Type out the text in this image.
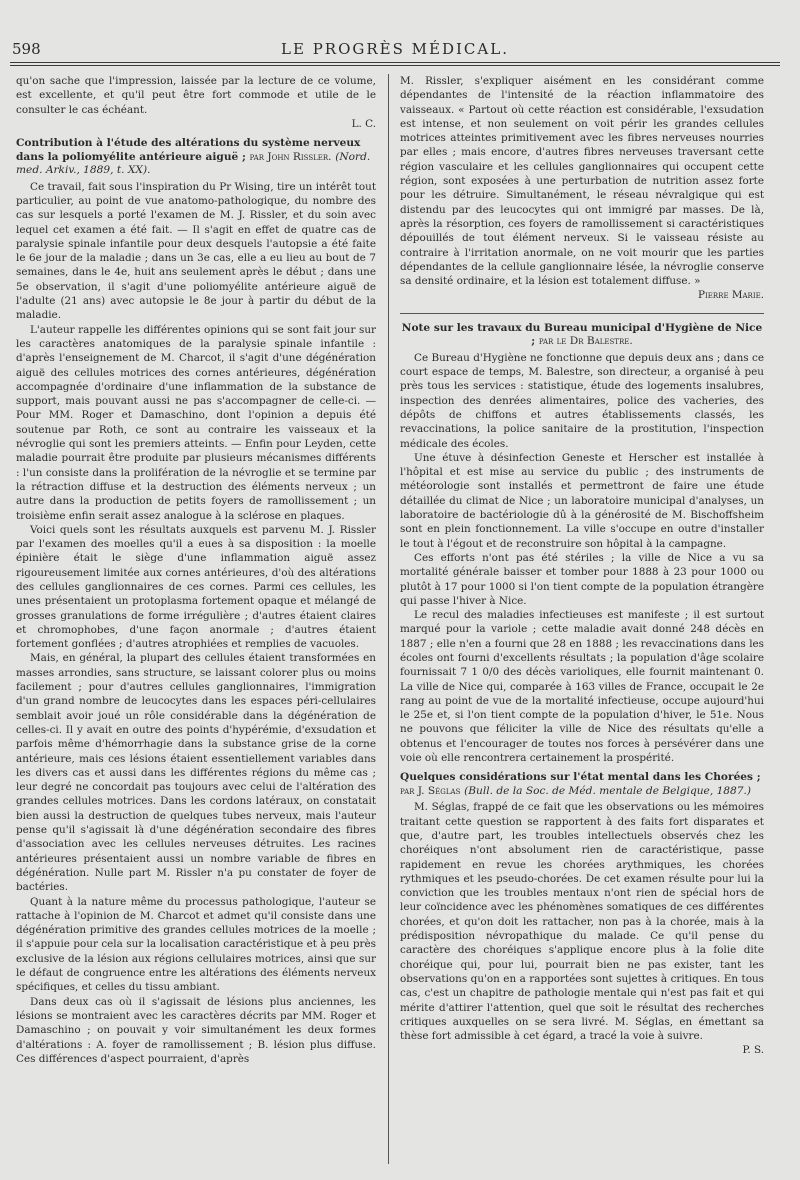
598	LE PROGRÈS MÉDICAL.

qu'on sache que l'impression, laissée par la lecture de ce volume, est excellente, et qu'il peut être fort commode et utile de le consulter le cas échéant.

L. C.

Contribution à l'étude des altérations du système nerveux dans la poliomyélite antérieure aiguë ; par John Rissler. (Nord. med. Arkiv., 1889, t. XX).

Ce travail, fait sous l'inspiration du Pr Wising, tire un intérêt tout particulier, au point de vue anatomo-pathologique, du nombre des cas sur lesquels a porté l'examen de M. J. Rissler, et du soin avec lequel cet examen a été fait. — Il s'agit en effet de quatre cas de paralysie spinale infantile pour deux desquels l'autopsie a été faite le 6e jour de la maladie ; dans un 3e cas, elle a eu lieu au bout de 7 semaines, dans le 4e, huit ans seulement après le début ; dans une 5e observation, il s'agit d'une poliomyélite antérieure aiguë de l'adulte (21 ans) avec autopsie le 8e jour à partir du début de la maladie.

L'auteur rappelle les différentes opinions qui se sont fait jour sur les caractères anatomiques de la paralysie spinale infantile : d'après l'enseignement de M. Charcot, il s'agit d'une dégénération aiguë des cellules motrices des cornes antérieures, dégénération accompagnée d'ordinaire d'une inflammation de la substance de support, mais pouvant aussi ne pas s'accompagner de celle-ci. — Pour MM. Roger et Damaschino, dont l'opinion a depuis été soutenue par Roth, ce sont au contraire les vaisseaux et la névroglie qui sont les premiers atteints. — Enfin pour Leyden, cette maladie pourrait être produite par plusieurs mécanismes différents : l'un consiste dans la prolifération de la névroglie et se termine par la rétraction diffuse et la destruction des éléments nerveux ; un autre dans la production de petits foyers de ramollissement ; un troisième enfin serait assez analogue à la sclérose en plaques.

Voici quels sont les résultats auxquels est parvenu M. J. Rissler par l'examen des moelles qu'il a eues à sa disposition : la moelle épinière était le siège d'une inflammation aiguë assez rigoureusement limitée aux cornes antérieures, d'où des altérations des cellules ganglionnaires de ces cornes. Parmi ces cellules, les unes présentaient un protoplasma fortement opaque et mélangé de grosses granulations de forme irrégulière ; d'autres étaient claires et chromophobes, d'une façon anormale ; d'autres étaient fortement gonflées ; d'autres atrophiées et remplies de vacuoles.

Mais, en général, la plupart des cellules étaient transformées en masses arrondies, sans structure, se laissant colorer plus ou moins facilement ; pour d'autres cellules ganglionnaires, l'immigration d'un grand nombre de leucocytes dans les espaces péri-cellulaires semblait avoir joué un rôle considérable dans la dégénération de celles-ci. Il y avait en outre des points d'hypérémie, d'exsudation et parfois même d'hémorrhagie dans la substance grise de la corne antérieure, mais ces lésions étaient essentiellement variables dans les divers cas et aussi dans les différentes régions du même cas ; leur degré ne concordait pas toujours avec celui de l'altération des grandes cellules motrices. Dans les cordons latéraux, on constatait bien aussi la destruction de quelques tubes nerveux, mais l'auteur pense qu'il s'agissait là d'une dégénération secondaire des fibres d'association avec les cellules nerveuses détruites. Les racines antérieures présentaient aussi un nombre variable de fibres en dégénération. Nulle part M. Rissler n'a pu constater de foyer de bactéries.

Quant à la nature même du processus pathologique, l'auteur se rattache à l'opinion de M. Charcot et admet qu'il consiste dans une dégénération primitive des grandes cellules motrices de la moelle ; il s'appuie pour cela sur la localisation caractéristique et à peu près exclusive de la lésion aux régions cellulaires motrices, ainsi que sur le défaut de congruence entre les altérations des éléments nerveux spécifiques, et celles du tissu ambiant.

Dans deux cas où il s'agissait de lésions plus anciennes, les lésions se montraient avec les caractères décrits par MM. Roger et Damaschino ; on pouvait y voir simultanément les deux formes d'altérations : A. foyer de ramollissement ; B. lésion plus diffuse. Ces différences d'aspect pourraient, d'après

M. Rissler, s'expliquer aisément en les considérant comme dépendantes de l'intensité de la réaction inflammatoire des vaisseaux. « Partout où cette réaction est considérable, l'exsudation est intense, et non seulement on voit périr les grandes cellules motrices atteintes primitivement avec les fibres nerveuses nourries par elles ; mais encore, d'autres fibres nerveuses traversant cette région vasculaire et les cellules ganglionnaires qui occupent cette région, sont exposées à une perturbation de nutrition assez forte pour les détruire. Simultanément, le réseau névralgique qui est distendu par des leucocytes qui ont immigré par masses. De là, après la résorption, ces foyers de ramollissement si caractéristiques dépouillés de tout élément nerveux. Si le vaisseau résiste au contraire à l'irritation anormale, on ne voit mourir que les parties dépendantes de la cellule ganglionnaire lésée, la névroglie conserve sa densité ordinaire, et la lésion est totalement diffuse. »

Pierre Marie.

Note sur les travaux du Bureau municipal d'Hygiène de Nice ; par le Dr Balestre.

Ce Bureau d'Hygiène ne fonctionne que depuis deux ans ; dans ce court espace de temps, M. Balestre, son directeur, a organisé à peu près tous les services : statistique, étude des logements insalubres, inspection des denrées alimentaires, police des vacheries, des dépôts de chiffons et autres établissements classés, les revaccinations, la police sanitaire de la prostitution, l'inspection médicale des écoles.

Une étuve à désinfection Geneste et Herscher est installée à l'hôpital et est mise au service du public ; des instruments de météorologie sont installés et permettront de faire une étude détaillée du climat de Nice ; un laboratoire municipal d'analyses, un laboratoire de bactériologie dû à la générosité de M. Bischoffsheim sont en plein fonctionnement. La ville s'occupe en outre d'installer le tout à l'égout et de reconstruire son hôpital à la campagne.

Ces efforts n'ont pas été stériles ; la ville de Nice a vu sa mortalité générale baisser et tomber pour 1888 à 23 pour 1000 ou plutôt à 17 pour 1000 si l'on tient compte de la population étrangère qui passe l'hiver à Nice.

Le recul des maladies infectieuses est manifeste ; il est surtout marqué pour la variole ; cette maladie avait donné 248 décès en 1887 ; elle n'en a fourni que 28 en 1888 ; les revaccinations dans les écoles ont fourni d'excellents résultats ; la population d'âge scolaire fournissait 7 1 0/0 des décès varioliques, elle fournit maintenant 0. La ville de Nice qui, comparée à 163 villes de France, occupait le 2e rang au point de vue de la mortalité infectieuse, occupe aujourd'hui le 25e et, si l'on tient compte de la population d'hiver, le 51e. Nous ne pouvons que féliciter la ville de Nice des résultats qu'elle a obtenus et l'encourager de toutes nos forces à persévérer dans une voie où elle rencontrera certainement la prospérité.

Quelques considérations sur l'état mental dans les Chorées ; par J. Séglas (Bull. de la Soc. de Méd. mentale de Belgique, 1887.)

M. Séglas, frappé de ce fait que les observations ou les mémoires traitant cette question se rapportent à des faits fort disparates et que, d'autre part, les troubles intellectuels observés chez les choréiques n'ont absolument rien de caractéristique, passe rapidement en revue les chorées arythmiques, les chorées rythmiques et les pseudo-chorées. De cet examen résulte pour lui la conviction que les troubles mentaux n'ont rien de spécial hors de leur coïncidence avec les phénomènes somatiques de ces différentes chorées, et qu'on doit les rattacher, non pas à la chorée, mais à la prédisposition névropathique du malade. Ce qu'il pense du caractère des choréiques s'applique encore plus à la folie dite choréique qui, pour lui, pourrait bien ne pas exister, tant les observations qu'on en a rapportées sont sujettes à critiques. En tous cas, c'est un chapitre de pathologie mentale qui n'est pas fait et qui mérite d'attirer l'attention, quel que soit le résultat des recherches critiques auxquelles on se sera livré. M. Séglas, en émettant sa thèse fort admissible à cet égard, a tracé la voie à suivre.

P. S.
